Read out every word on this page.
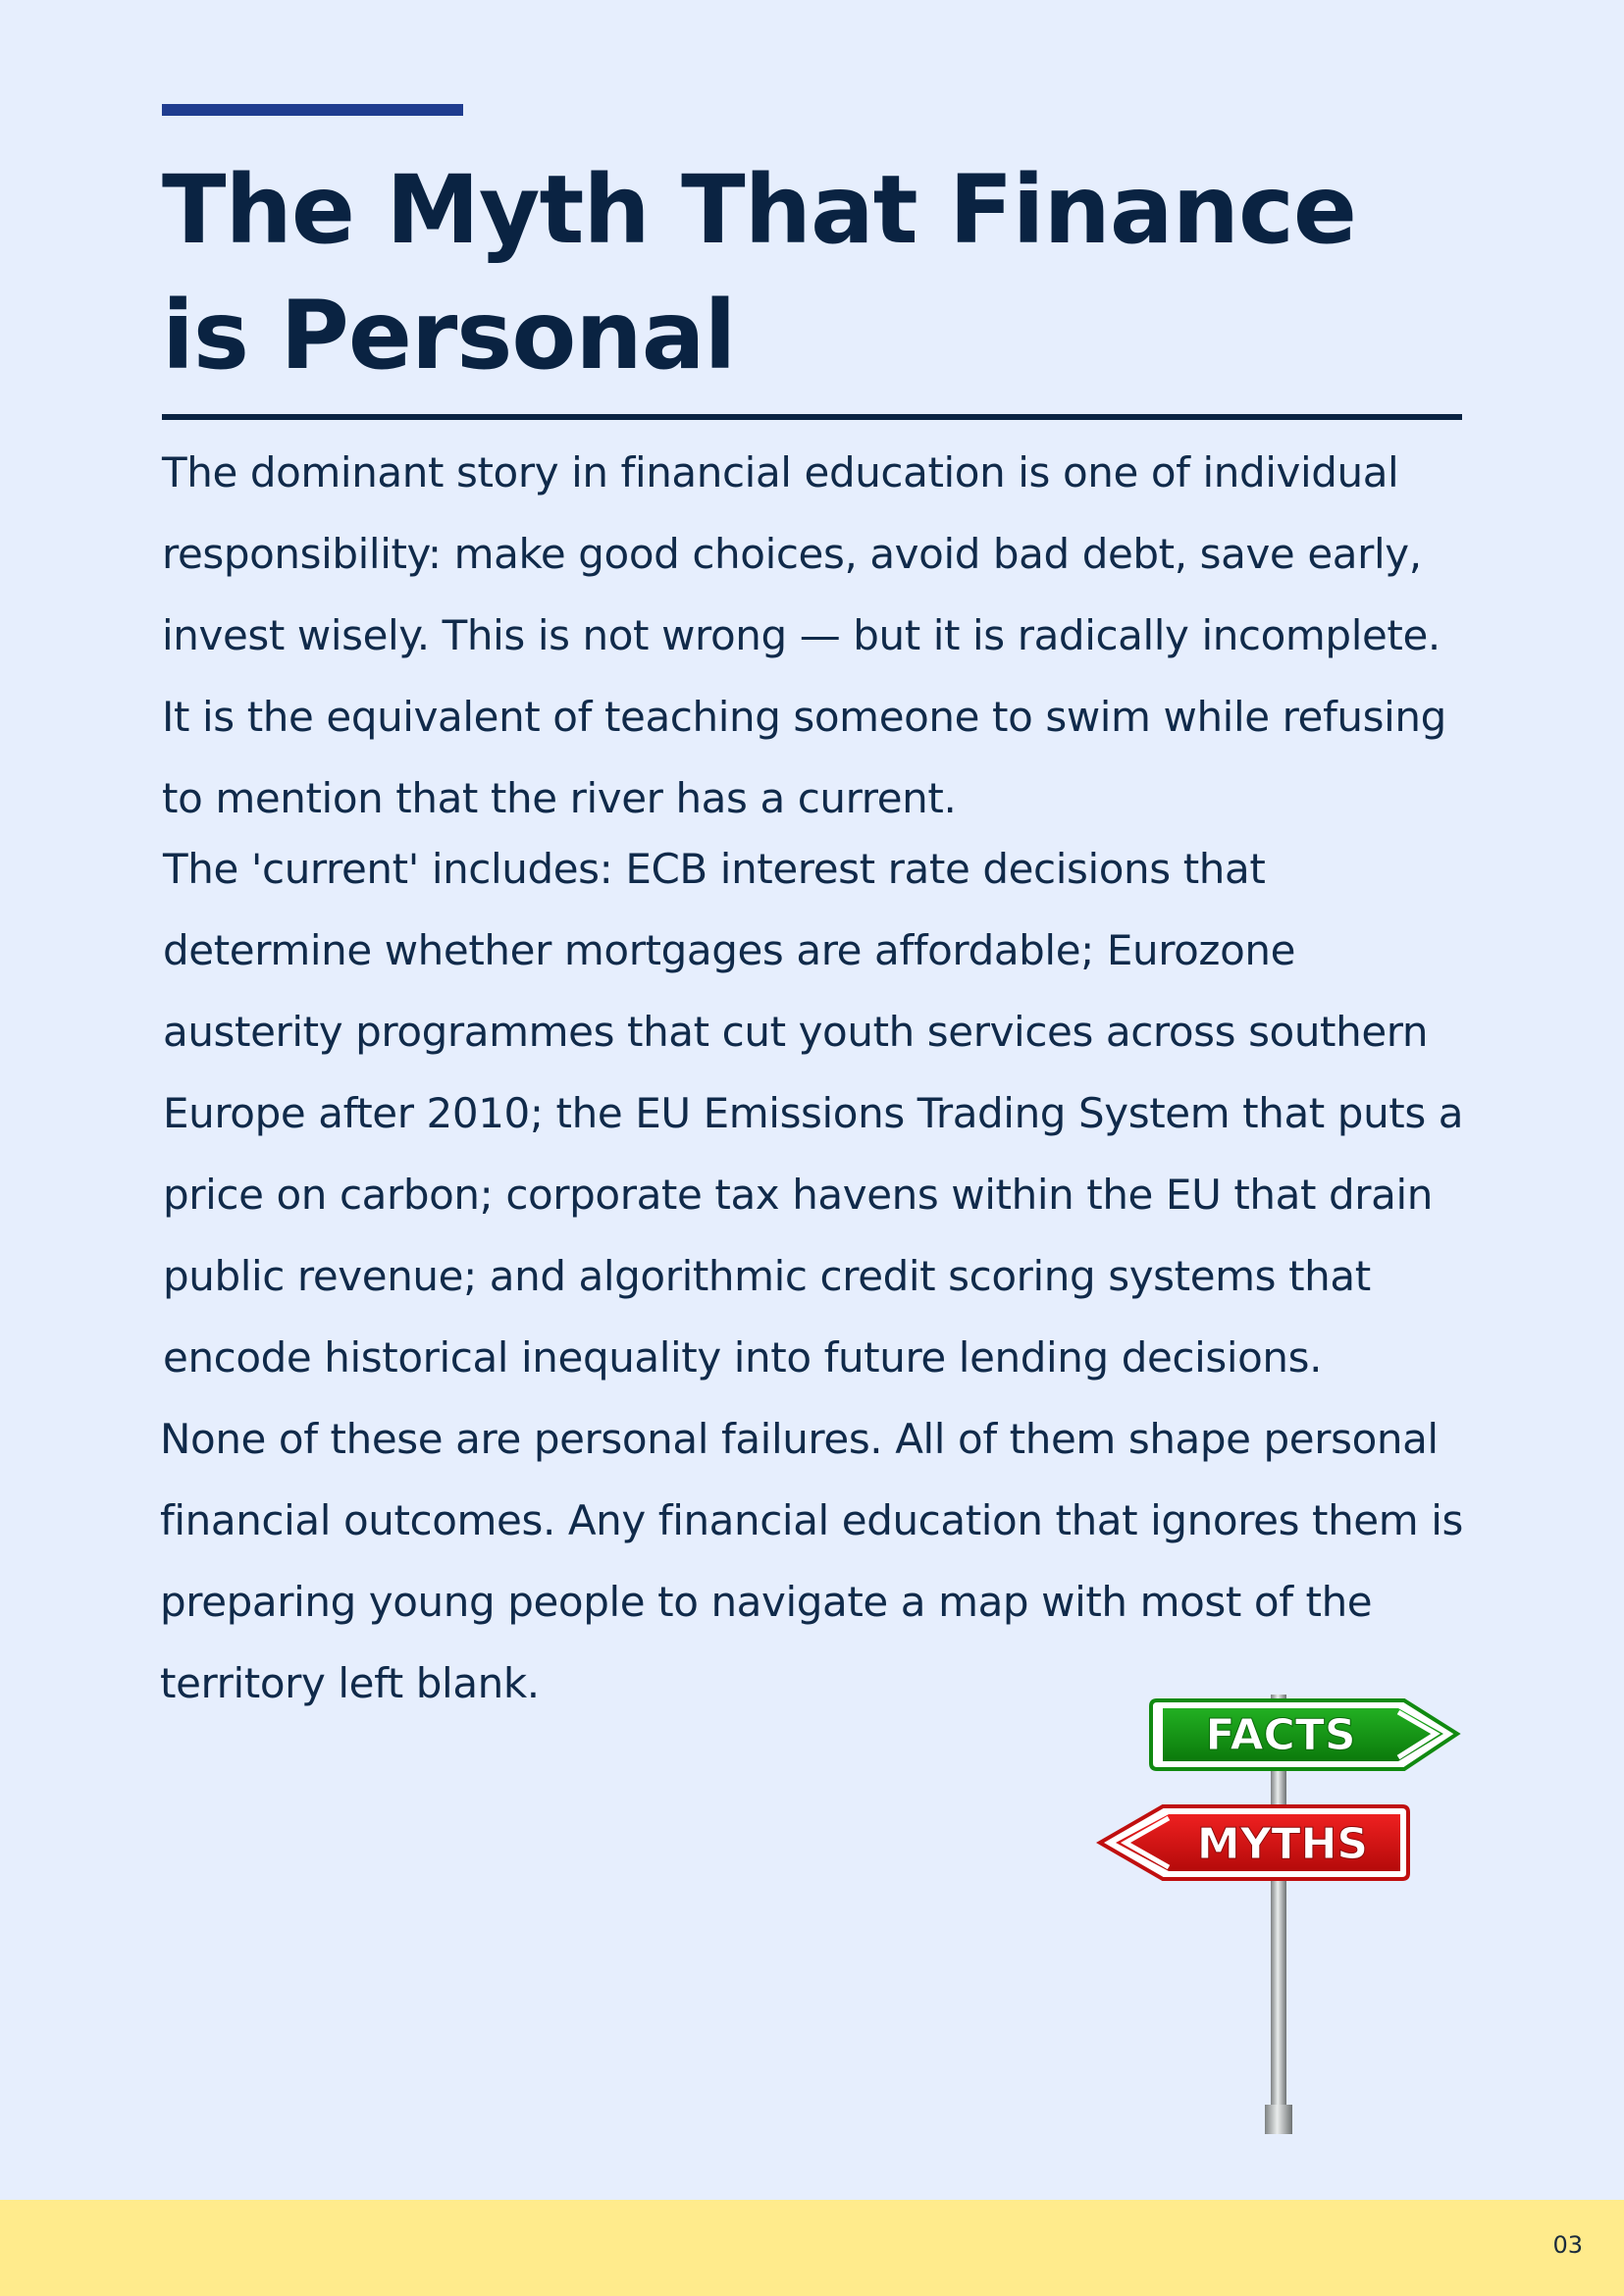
The Myth That Finance
is Personal

The dominant story in financial education is one of individual responsibility: make good choices, avoid bad debt, save early, invest wisely. This is not wrong — but it is radically incomplete. It is the equivalent of teaching someone to swim while refusing to mention that the river has a current.

The 'current' includes: ECB interest rate decisions that determine whether mortgages are affordable; Eurozone austerity programmes that cut youth services across southern Europe after 2010; the EU Emissions Trading System that puts a price on carbon; corporate tax havens within the EU that drain public revenue; and algorithmic credit scoring systems that encode historical inequality into future lending decisions.

None of these are personal failures. All of them shape personal financial outcomes. Any financial education that ignores them is preparing young people to navigate a map with most of the territory left blank.

FACTS
MYTHS
03
